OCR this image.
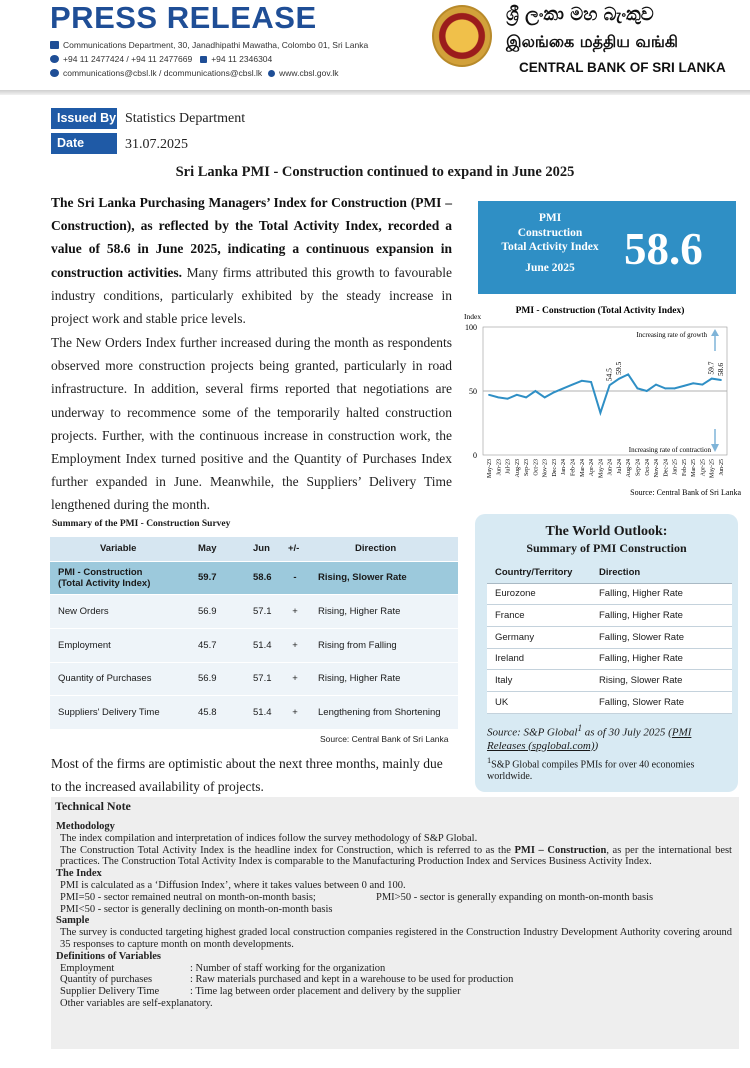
PRESS RELEASE
Communications Department, 30, Janadhipathi Mawatha, Colombo 01, Sri Lanka
+94 11 2477424 / +94 11 2477669 +94 11 2346304
communications@cbsl.lk / dcommunications@cbsl.lk www.cbsl.gov.lk
ශ්‍රී ලංකා මහ බැංකුව
இலங்கை மத்திய வங்கி
CENTRAL BANK OF SRI LANKA
Issued By Statistics Department
Date	31.07.2025
Sri Lanka PMI - Construction continued to expand in June 2025
The Sri Lanka Purchasing Managers’ Index for Construction (PMI – Construction), as reflected by the Total Activity Index, recorded a value of 58.6 in June 2025, indicating a continuous expansion in construction activities. Many firms attributed this growth to favourable industry conditions, particularly exhibited by the steady increase in project work and stable price levels.
The New Orders Index further increased during the month as respondents observed more construction projects being granted, particularly in road infrastructure. In addition, several firms reported that negotiations are underway to recommence some of the temporarily halted construction projects. Further, with the continuous increase in construction work, the Employment Index turned positive and the Quantity of Purchases Index further expanded in June. Meanwhile, the Suppliers’ Delivery Time lengthened during the month.
PMI
Construction
Total Activity Index
June 2025	58.6
PMI - Construction (Total Activity Index)
Index
0
50
100
May-23 Jun-23 Jul-23 Aug-23 Sep-23 Oct-23 Nov-23 Dec-23 Jan-24 Feb-24 Mar-24 Apr-24 May-24 Jun-24 Jul-24 Aug-24 Sep-24 Oct-24 Nov-24 Dec-24 Jan-25 Feb-25 Mar-25 Apr-25 May-25 Jun-25
54.5 59.5	59.7 58.6
Increasing rate of growth
Increasing rate of contraction
Source: Central Bank of Sri Lanka
Summary of the PMI - Construction Survey
Variable	May	Jun	+/-	Direction

PMI - Construction
(Total Activity Index)	59.7	58.6	-	Rising, Slower Rate
New Orders	56.9	57.1	+	Rising, Higher Rate
Employment	45.7	51.4	+	Rising from Falling
Quantity of Purchases	56.9	57.1	+	Rising, Higher Rate
Suppliers' Delivery Time	45.8	51.4	+	Lengthening from Shortening
Source: Central Bank of Sri Lanka
The World Outlook:
Summary of PMI Construction
Country/Territory	Direction
Eurozone	Falling, Higher Rate
France	Falling, Higher Rate
Germany	Falling, Slower Rate
Ireland	Falling, Higher Rate
Italy	Rising, Slower Rate
UK	Falling, Slower Rate
Source: S&P Global$^1$ as of 30 July 2025 (PMI Releases (spglobal.com))
$^1$S&P Global compiles PMIs for over 40 economies worldwide.
Most of the firms are optimistic about the next three months, mainly due to the increased availability of projects.
Technical Note
Methodology
The index compilation and interpretation of indices follow the survey methodology of S&P Global.
The Construction Total Activity Index is the headline index for Construction, which is referred to as the PMI – Construction, as per the international best practices. The Construction Total Activity Index is comparable to the Manufacturing Production Index and Services Business Activity Index.
The Index
PMI is calculated as a ‘Diffusion Index’, where it takes values between 0 and 100.
PMI=50 - sector remained neutral on month-on-month basis;	PMI>50 - sector is generally expanding on month-on-month basis
PMI<50 - sector is generally declining on month-on-month basis
Sample
The survey is conducted targeting highest graded local construction companies registered in the Construction Industry Development Authority covering around 35 responses to capture month on month developments.
Definitions of Variables
Employment	: Number of staff working for the organization
Quantity of purchases	: Raw materials purchased and kept in a warehouse to be used for production
Supplier Delivery Time	: Time lag between order placement and delivery by the supplier
Other variables are self-explanatory.
